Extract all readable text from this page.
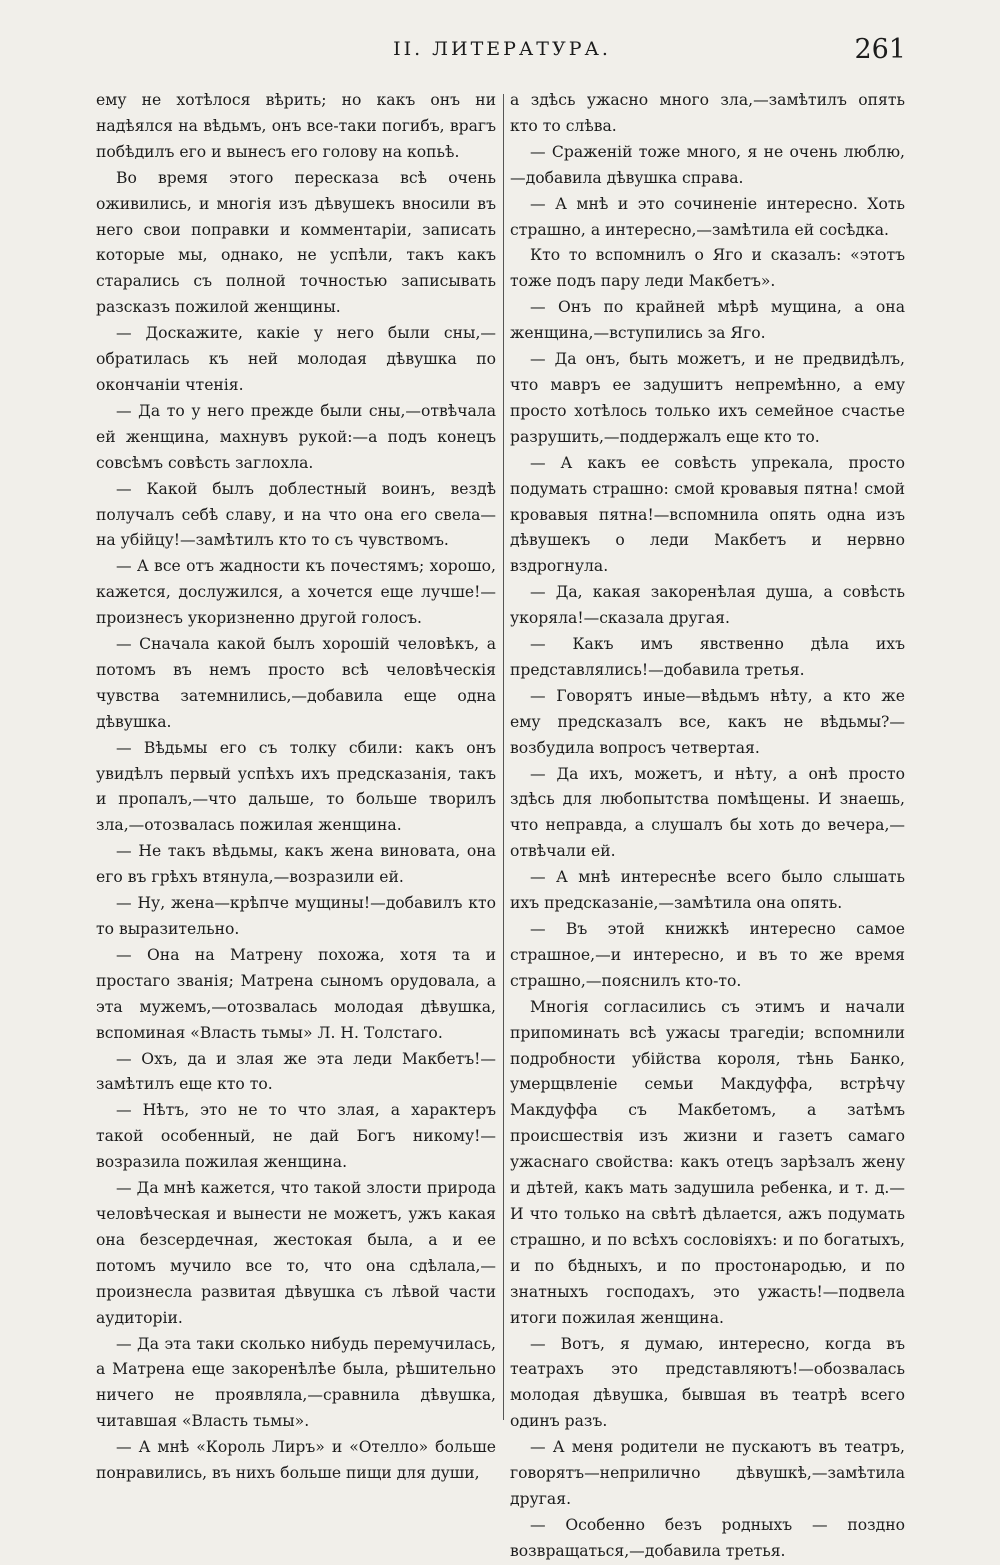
II. ЛИТЕРАТУРА.	261

ему не хотѣлося вѣрить; но какъ онъ ни надѣялся на вѣдьмъ, онъ все-таки погибъ, врагъ побѣдилъ его и вынесъ его голову на копьѣ.

Во время этого пересказа всѣ очень оживились, и многія изъ дѣвушекъ вносили въ него свои поправки и комментаріи, записать которые мы, однако, не успѣли, такъ какъ старались съ полной точностью записывать разсказъ пожилой женщины.

— Доскажите, какіе у него были сны,—обратилась къ ней молодая дѣвушка по окончаніи чтенія.

— Да то у него прежде были сны,—отвѣчала ей женщина, махнувъ рукой:—а подъ конецъ совсѣмъ совѣсть заглохла.

— Какой былъ доблестный воинъ, вездѣ получалъ себѣ славу, и на что она его свела—на убійцу!—замѣтилъ кто то съ чувствомъ.

— А все отъ жадности къ почестямъ; хорошо, кажется, дослужился, а хочется еще лучше!—произнесъ укоризненно другой голосъ.

— Сначала какой былъ хорошій человѣкъ, а потомъ въ немъ просто всѣ человѣческія чувства затемнились,—добавила еще одна дѣвушка.

— Вѣдьмы его съ толку сбили: какъ онъ увидѣлъ первый успѣхъ ихъ предсказанія, такъ и пропалъ,—что дальше, то больше творилъ зла,—отозвалась пожилая женщина.

— Не такъ вѣдьмы, какъ жена виновата, она его въ грѣхъ втянула,—возразили ей.

— Ну, жена—крѣпче мущины!—добавилъ кто то выразительно.

— Она на Матрену похожа, хотя та и простаго званія; Матрена сыномъ орудовала, а эта мужемъ,—отозвалась молодая дѣвушка, вспоминая «Власть тьмы» Л. Н. Толстаго.

— Охъ, да и злая же эта леди Макбетъ!—замѣтилъ еще кто то.

— Нѣтъ, это не то что злая, а характеръ такой особенный, не дай Богъ никому!—возразила пожилая женщина.

— Да мнѣ кажется, что такой злости природа человѣческая и вынести не можетъ, ужъ какая она безсердечная, жестокая была, а и ее потомъ мучило все то, что она сдѣлала,—произнесла развитая дѣвушка съ лѣвой части аудиторіи.

— Да эта таки сколько нибудь перемучилась, а Матрена еще закоренѣлѣе была, рѣшительно ничего не проявляла,—сравнила дѣвушка, читавшая «Власть тьмы».

— А мнѣ «Король Лиръ» и «Отелло» больше понравились, въ нихъ больше пищи для души,

а здѣсь ужасно много зла,—замѣтилъ опять кто то слѣва.

— Сраженій тоже много, я не очень люблю,—добавила дѣвушка справа.

— А мнѣ и это сочиненіе интересно. Хоть страшно, а интересно,—замѣтила ей сосѣдка.

Кто то вспомнилъ о Яго и сказалъ: «этотъ тоже подъ пару леди Макбетъ».

— Онъ по крайней мѣрѣ мущина, а она женщина,—вступились за Яго.

— Да онъ, быть можетъ, и не предвидѣлъ, что мавръ ее задушитъ непремѣнно, а ему просто хотѣлось только ихъ семейное счастье разрушить,—поддержалъ еще кто то.

— А какъ ее совѣсть упрекала, просто подумать страшно: смой кровавыя пятна! смой кровавыя пятна!—вспомнила опять одна изъ дѣвушекъ о леди Макбетъ и нервно вздрогнула.

— Да, какая закоренѣлая душа, а совѣсть укоряла!—сказала другая.

— Какъ имъ явственно дѣла ихъ представлялись!—добавила третья.

— Говорятъ иные—вѣдьмъ нѣту, а кто же ему предсказалъ все, какъ не вѣдьмы?—возбудила вопросъ четвертая.

— Да ихъ, можетъ, и нѣту, а онѣ просто здѣсь для любопытства помѣщены. И знаешь, что неправда, а слушалъ бы хоть до вечера,—отвѣчали ей.

— А мнѣ интереснѣе всего было слышать ихъ предсказаніе,—замѣтила она опять.

— Въ этой книжкѣ интересно самое страшное,—и интересно, и въ то же время страшно,—пояснилъ кто-то.

Многія согласились съ этимъ и начали припоминать всѣ ужасы трагедіи; вспомнили подробности убійства короля, тѣнь Банко, умерщвленіе семьи Макдуффа, встрѣчу Макдуффа съ Макбетомъ, а затѣмъ происшествія изъ жизни и газетъ самаго ужаснаго свойства: какъ отецъ зарѣзалъ жену и дѣтей, какъ мать задушила ребенка, и т. д.—И что только на свѣтѣ дѣлается, ажъ подумать страшно, и по всѣхъ сословіяхъ: и по богатыхъ, и по бѣдныхъ, и по простонародью, и по знатныхъ господахъ, это ужасть!—подвела итоги пожилая женщина.

— Вотъ, я думаю, интересно, когда въ театрахъ это представляютъ!—обозвалась молодая дѣвушка, бывшая въ театрѣ всего одинъ разъ.

— А меня родители не пускаютъ въ театръ, говорятъ—неприлично дѣвушкѣ,—замѣтила другая.

— Особенно безъ родныхъ — поздно возвращаться,—добавила третья.
